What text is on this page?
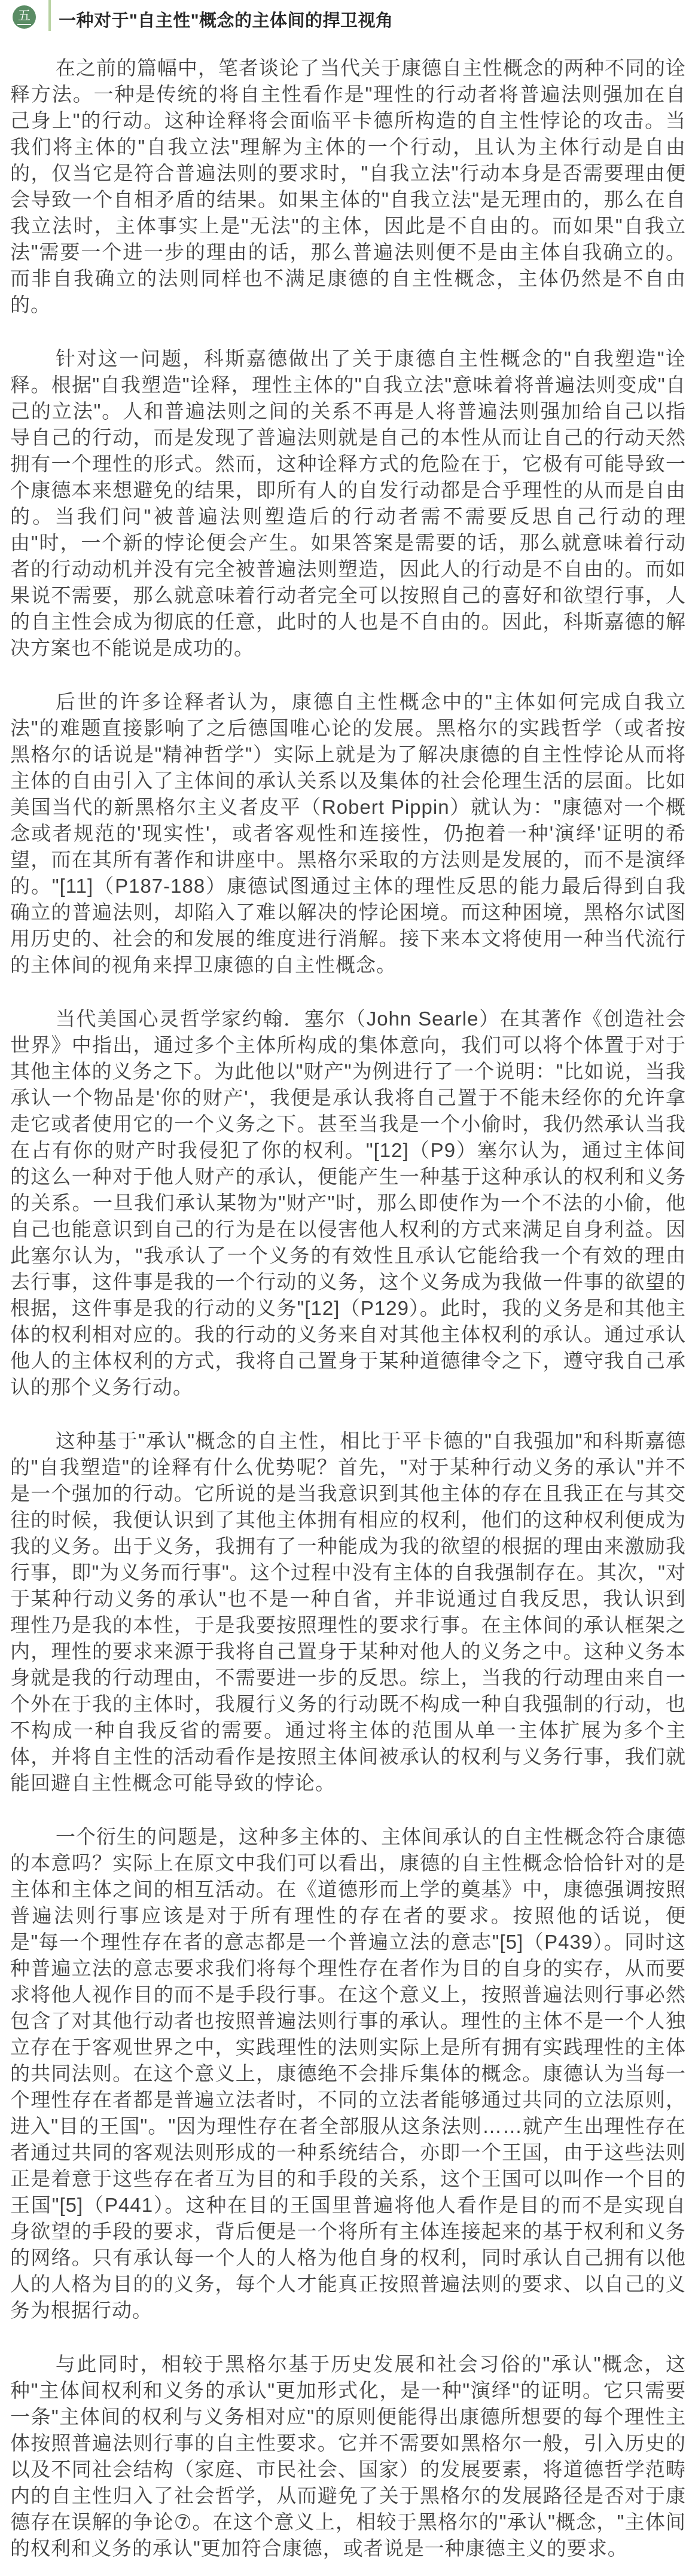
五 一种对于"自主性"概念的主体间的捍卫视角

在之前的篇幅中，笔者谈论了当代关于康德自主性概念的两种不同的诠释方法。一种是传统的将自主性看作是"理性的行动者将普遍法则强加在自己身上"的行动。这种诠释将会面临平卡德所构造的自主性悖论的攻击。当我们将主体的"自我立法"理解为主体的一个行动，且认为主体行动是自由的，仅当它是符合普遍法则的要求时，"自我立法"行动本身是否需要理由便会导致一个自相矛盾的结果。如果主体的"自我立法"是无理由的，那么在自我立法时，主体事实上是"无法"的主体，因此是不自由的。而如果"自我立法"需要一个进一步的理由的话，那么普遍法则便不是由主体自我确立的。而非自我确立的法则同样也不满足康德的自主性概念，主体仍然是不自由的。

针对这一问题，科斯嘉德做出了关于康德自主性概念的"自我塑造"诠释。根据"自我塑造"诠释，理性主体的"自我立法"意味着将普遍法则变成"自己的立法"。人和普遍法则之间的关系不再是人将普遍法则强加给自己以指导自己的行动，而是发现了普遍法则就是自己的本性从而让自己的行动天然拥有一个理性的形式。然而，这种诠释方式的危险在于，它极有可能导致一个康德本来想避免的结果，即所有人的自发行动都是合乎理性的从而是自由的。当我们问"被普遍法则塑造后的行动者需不需要反思自己行动的理由"时，一个新的悖论便会产生。如果答案是需要的话，那么就意味着行动者的行动动机并没有完全被普遍法则塑造，因此人的行动是不自由的。而如果说不需要，那么就意味着行动者完全可以按照自己的喜好和欲望行事，人的自主性会成为彻底的任意，此时的人也是不自由的。因此，科斯嘉德的解决方案也不能说是成功的。

后世的许多诠释者认为，康德自主性概念中的"主体如何完成自我立法"的难题直接影响了之后德国唯心论的发展。黑格尔的实践哲学（或者按黑格尔的话说是"精神哲学"）实际上就是为了解决康德的自主性悖论从而将主体的自由引入了主体间的承认关系以及集体的社会伦理生活的层面。比如美国当代的新黑格尔主义者皮平（Robert Pippin）就认为："康德对一个概念或者规范的'现实性'，或者客观性和连接性，仍抱着一种'演绎'证明的希望，而在其所有著作和讲座中。黑格尔采取的方法则是发展的，而不是演绎的。"[11]（P187-188）康德试图通过主体的理性反思的能力最后得到自我确立的普遍法则，却陷入了难以解决的悖论困境。而这种困境，黑格尔试图用历史的、社会的和发展的维度进行消解。接下来本文将使用一种当代流行的主体间的视角来捍卫康德的自主性概念。

当代美国心灵哲学家约翰．塞尔（John Searle）在其著作《创造社会世界》中指出，通过多个主体所构成的集体意向，我们可以将个体置于对于其他主体的义务之下。为此他以"财产"为例进行了一个说明："比如说，当我承认一个物品是'你的财产'，我便是承认我将自己置于不能未经你的允许拿走它或者使用它的一个义务之下。甚至当我是一个小偷时，我仍然承认当我在占有你的财产时我侵犯了你的权利。"[12]（P9）塞尔认为，通过主体间的这么一种对于他人财产的承认，便能产生一种基于这种承认的权利和义务的关系。一旦我们承认某物为"财产"时，那么即使作为一个不法的小偷，他自己也能意识到自己的行为是在以侵害他人权利的方式来满足自身利益。因此塞尔认为，"我承认了一个义务的有效性且承认它能给我一个有效的理由去行事，这件事是我的一个行动的义务，这个义务成为我做一件事的欲望的根据，这件事是我的行动的义务"[12]（P129）。此时，我的义务是和其他主体的权利相对应的。我的行动的义务来自对其他主体权利的承认。通过承认他人的主体权利的方式，我将自己置身于某种道德律令之下，遵守我自己承认的那个义务行动。

这种基于"承认"概念的自主性，相比于平卡德的"自我强加"和科斯嘉德的"自我塑造"的诠释有什么优势呢？首先，"对于某种行动义务的承认"并不是一个强加的行动。它所说的是当我意识到其他主体的存在且我正在与其交往的时候，我便认识到了其他主体拥有相应的权利，他们的这种权利便成为我的义务。出于义务，我拥有了一种能成为我的欲望的根据的理由来激励我行事，即"为义务而行事"。这个过程中没有主体的自我强制存在。其次，"对于某种行动义务的承认"也不是一种自省，并非说通过自我反思，我认识到理性乃是我的本性，于是我要按照理性的要求行事。在主体间的承认框架之内，理性的要求来源于我将自己置身于某种对他人的义务之中。这种义务本身就是我的行动理由，不需要进一步的反思。综上，当我的行动理由来自一个外在于我的主体时，我履行义务的行动既不构成一种自我强制的行动，也不构成一种自我反省的需要。通过将主体的范围从单一主体扩展为多个主体，并将自主性的活动看作是按照主体间被承认的权利与义务行事，我们就能回避自主性概念可能导致的悖论。

一个衍生的问题是，这种多主体的、主体间承认的自主性概念符合康德的本意吗？实际上在原文中我们可以看出，康德的自主性概念恰恰针对的是主体和主体之间的相互活动。在《道德形而上学的奠基》中，康德强调按照普遍法则行事应该是对于所有理性的存在者的要求。按照他的话说，便是"每一个理性存在者的意志都是一个普遍立法的意志"[5]（P439）。同时这种普遍立法的意志要求我们将每个理性存在者作为目的自身的实存，从而要求将他人视作目的而不是手段行事。在这个意义上，按照普遍法则行事必然包含了对其他行动者也按照普遍法则行事的承认。理性的主体不是一个人独立存在于客观世界之中，实践理性的法则实际上是所有拥有实践理性的主体的共同法则。在这个意义上，康德绝不会排斥集体的概念。康德认为当每一个理性存在者都是普遍立法者时，不同的立法者能够通过共同的立法原则，进入"目的王国"。"因为理性存在者全部服从这条法则……就产生出理性存在者通过共同的客观法则形成的一种系统结合，亦即一个王国，由于这些法则正是着意于这些存在者互为目的和手段的关系，这个王国可以叫作一个目的王国"[5]（P441）。这种在目的王国里普遍将他人看作是目的而不是实现自身欲望的手段的要求，背后便是一个将所有主体连接起来的基于权利和义务的网络。只有承认每一个人的人格为他自身的权利，同时承认自己拥有以他人的人格为目的的义务，每个人才能真正按照普遍法则的要求、以自己的义务为根据行动。

与此同时，相较于黑格尔基于历史发展和社会习俗的"承认"概念，这种"主体间权利和义务的承认"更加形式化，是一种"演绎"的证明。它只需要一条"主体间的权利与义务相对应"的原则便能得出康德所想要的每个理性主体按照普遍法则行事的自主性要求。它并不需要如黑格尔一般，引入历史的以及不同社会结构（家庭、市民社会、国家）的发展要素，将道德哲学范畴内的自主性归入了社会哲学，从而避免了关于黑格尔的发展路径是否对于康德存在误解的争论⑦。在这个意义上，相较于黑格尔的"承认"概念，"主体间的权利和义务的承认"更加符合康德，或者说是一种康德主义的要求。
